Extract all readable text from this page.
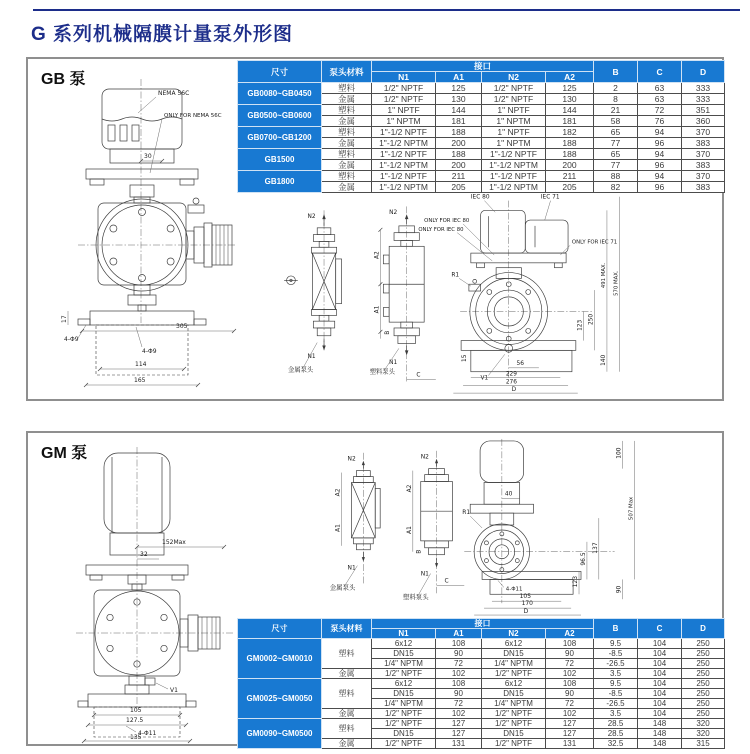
G 系列机械隔膜计量泵外形图
GB 泵	尺寸	泵头材料	接口				B	C	D
		N1	A1	N2	A2			
GB0080~GB0450	塑料	1/2" NPTF	125	1/2" NPTF	125	2	63	333
	金属	1/2" NPTF	130	1/2" NPTF	130	8	63	333
GB0500~GB0600	塑料	1" NPTF	144	1" NPTF	144	21	72	351
	金属	1" NPTM	181	1" NPTM	181	58	76	360
GB0700~GB1200	塑料	1"-1/2 NPTF	188	1" NPTF	182	65	94	370
	金属	1"-1/2 NPTM	200	1" NPTM	188	77	96	383
GB1500	塑料	1"-1/2 NPTF	188	1"-1/2 NPTF	188	65	94	370
	金属	1"-1/2 NPTM	200	1"-1/2 NPTM	200	77	96	383
GB1800	塑料	1"-1/2 NPTF	211	1"-1/2 NPTF	211	88	94	370
	金属	1"-1/2 NPTM	205	1"-1/2 NPTM	205	82	96	383
30
17
4-Φ9
305
4-Φ9
114
165
NEMA 56C
ONLY FOR NEMA 56C
N2
N1
金属泵头
N2
N1
塑料泵头
A2
A1
B
C
IEC 80	IEC 71
ONLY FOR IEC 80
ONLY FOR IEC 80
ONLY FOR IEC 71
R1
V1
56
15
229
276
D
123
250
491 MAX. 570 MAX.
140
GM 泵
尺寸	泵头材料	接口				B	C	D
		N1	A1	N2	A2			
GM0002~GM0010	塑料	6x12	108	6x12	108	9.5	104	250
		DN15	90	DN15	90	-8.5	104	250
		1/4" NPTM	72	1/4" NPTM	72	-26.5	104	250
	金属	1/2" NPTF	102	1/2" NPTF	102	3.5	104	250
GM0025~GM0050	塑料	6x12	108	6x12	108	9.5	104	250
		DN15	90	DN15	90	-8.5	104	250
		1/4" NPTM	72	1/4" NPTM	72	-26.5	104	250
	金属	1/2" NPTF	102	1/2" NPTF	102	3.5	104	250
GM0090~GM0500	塑料	1/2" NPTF	127	1/2" NPTF	127	28.5	148	320
		DN15	127	DN15	127	28.5	148	320
	金属	1/2" NPTF	131	1/2" NPTF	131	32.5	148	315
152Max
32
V1
105
127.5
4-Φ11
135
N2
N1
A2
A1
金属泵头
N2
N1
A2
A1
B
C
塑料泵头
40
R1
4-Φ11
100
507 Max
137
96.5
123
90
105
170
D
